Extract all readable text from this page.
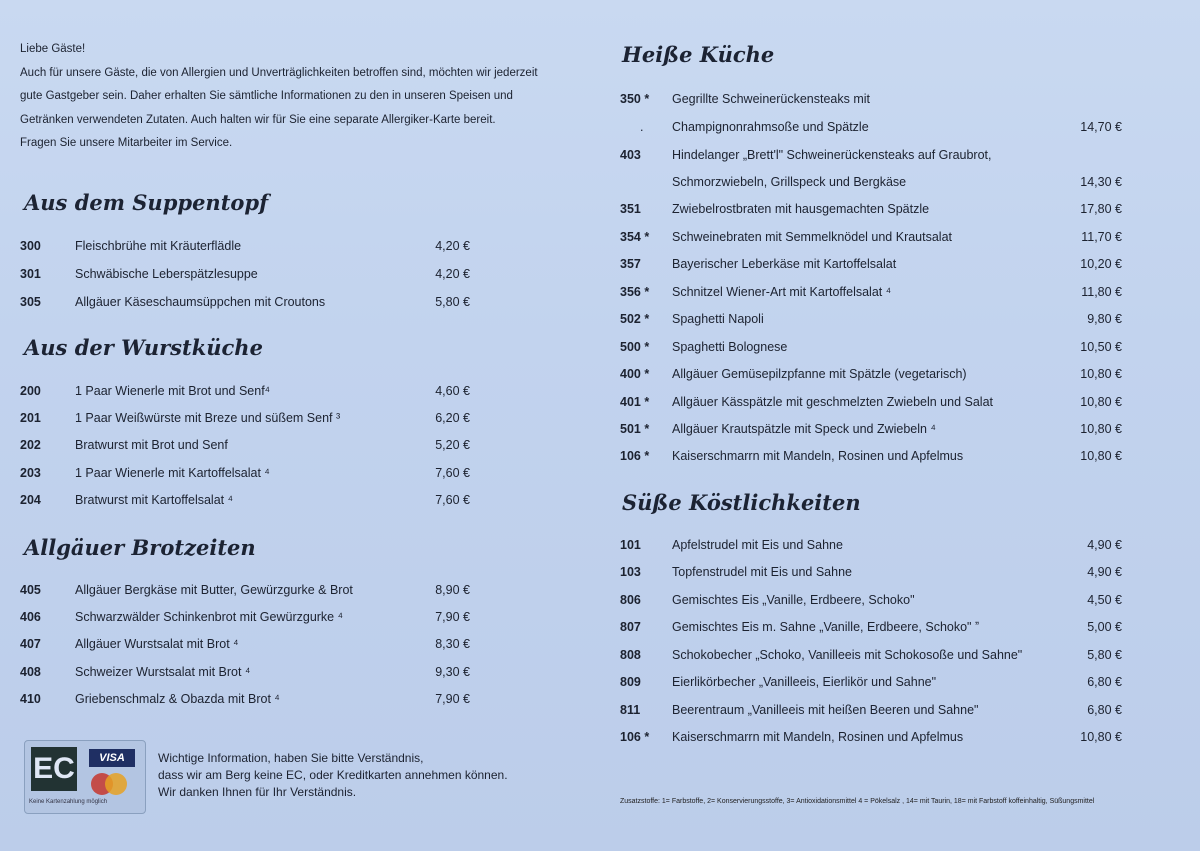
Liebe Gäste!
Auch für unsere Gäste, die von Allergien und Unverträglichkeiten betroffen sind, möchten wir jederzeit
gute Gastgeber sein. Daher erhalten Sie sämtliche Informationen zu den in unseren Speisen und
Getränken verwendeten Zutaten. Auch halten wir für Sie eine separate Allergiker-Karte bereit.
Fragen Sie unsere Mitarbeiter im Service.
Aus dem Suppentopf
300	Fleischbrühe mit Kräuterflädle	4,20 €
301	Schwäbische Leberspätzlesuppe	4,20 €
305	Allgäuer Käseschaumsüppchen mit Croutons	5,80 €
Aus der Wurstküche
200	1 Paar Wienerle mit Brot und Senf⁴	4,60 €
201	1 Paar Weißwürste mit Breze und süßem Senf ³	6,20 €
202	Bratwurst mit Brot und Senf	5,20 €
203	1 Paar Wienerle mit Kartoffelsalat ⁴	7,60 €
204	Bratwurst mit Kartoffelsalat ⁴	7,60 €
Allgäuer Brotzeiten
405	Allgäuer Bergkäse mit Butter, Gewürzgurke & Brot	8,90 €
406	Schwarzwälder Schinkenbrot mit Gewürzgurke ⁴	7,90 €
407	Allgäuer Wurstsalat mit Brot ⁴	8,30 €
408	Schweizer Wurstsalat mit Brot ⁴	9,30 €
410	Griebenschmalz & Obazda mit Brot ⁴	7,90 €
Heiße Küche
350 * Gegrillte Schweinerückensteaks mit
. Champignonrahmsoße und Spätzle	14,70 €
403 Hindelanger „Brett'l" Schweinerückensteaks auf Graubrot,
Schmorzwiebeln, Grillspeck und Bergkäse	14,30 €
351 Zwiebelrostbraten mit hausgemachten Spätzle	17,80 €
354 * Schweinebraten mit Semmelknödel und Krautsalat	11,70 €
357 Bayerischer Leberkäse mit Kartoffelsalat	10,20 €
356 * Schnitzel Wiener-Art mit Kartoffelsalat ⁴	11,80 €
502 * Spaghetti Napoli	9,80 €
500 * Spaghetti Bolognese	10,50 €
400 * Allgäuer Gemüsepilzpfanne mit Spätzle (vegetarisch)	10,80 €
401 * Allgäuer Kässpätzle mit geschmelzten Zwiebeln und Salat	10,80 €
501 * Allgäuer Krautspätzle mit Speck und Zwiebeln ⁴	10,80 €
106 * Kaiserschmarrn mit Mandeln, Rosinen und Apfelmus	10,80 €
Süße Köstlichkeiten
101 Apfelstrudel mit Eis und Sahne	4,90 €
103 Topfenstrudel mit Eis und Sahne	4,90 €
806 Gemischtes Eis „Vanille, Erdbeere, Schoko"	4,50 €
807 Gemischtes Eis m. Sahne „Vanille, Erdbeere, Schoko" ˮ	5,00 €
808 Schokobecher „Schoko, Vanilleeis mit Schokosoße und Sahne"	5,80 €
809 Eierlikörbecher „Vanilleeis, Eierlikör und Sahne"	6,80 €
811	Beerentraum „Vanilleeis mit heißen Beeren und Sahne"	6,80 €
106 * Kaiserschmarrn mit Mandeln, Rosinen und Apfelmus	10,80 €
EC	VISA
Keine Kartenzahlung möglich
Wichtige Information, haben Sie bitte Verständnis,
dass wir am Berg keine EC, oder Kreditkarten annehmen können.
Wir danken Ihnen für Ihr Verständnis.
Zusatzstoffe: 1= Farbstoffe, 2= Konservierungsstoffe, 3= Antioxidationsmittel 4 = Pökelsalz , 14= mit Taurin, 18= mit Farbstoff koffeinhaltig, Süßungsmittel
